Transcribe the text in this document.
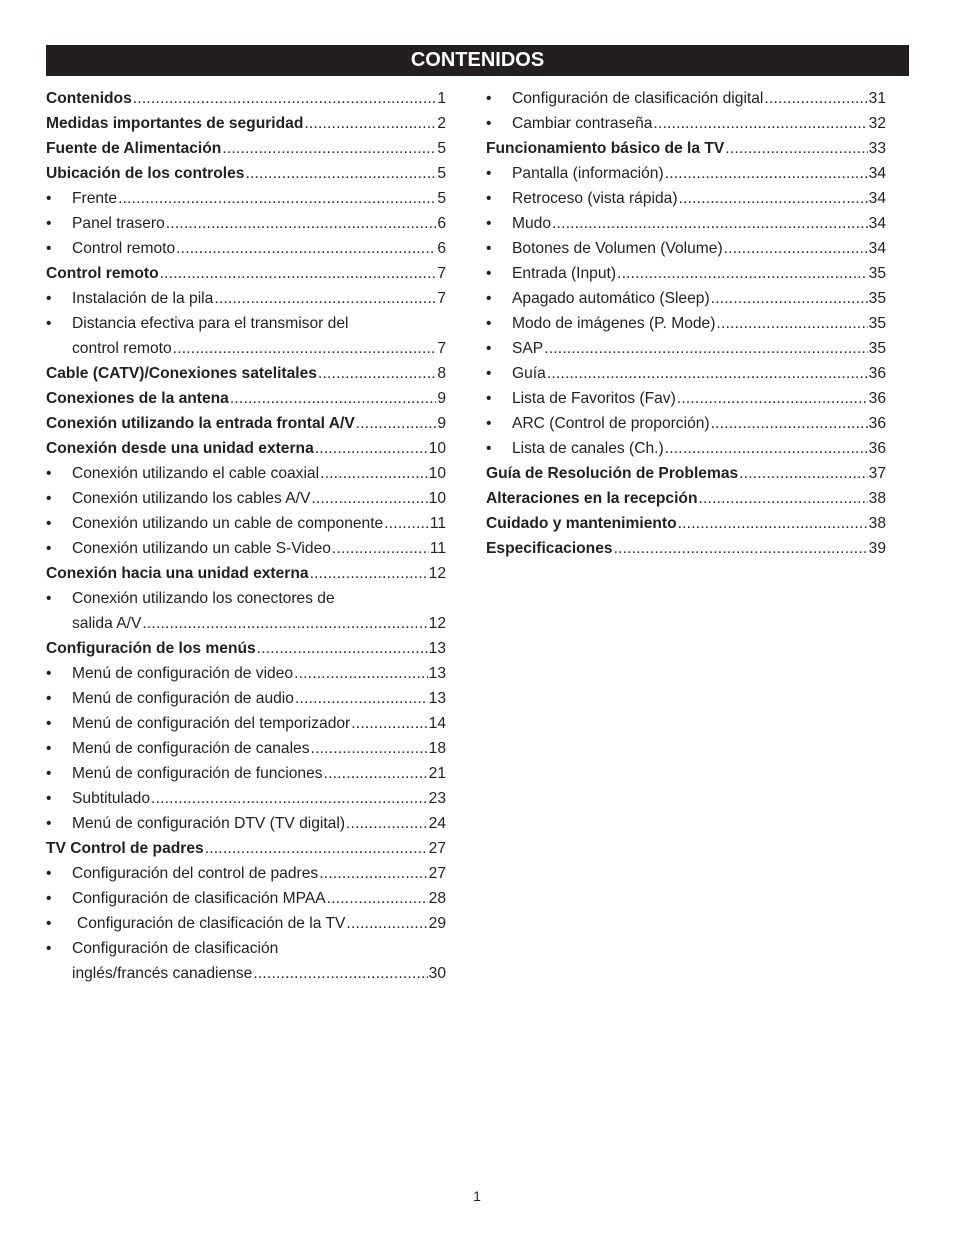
CONTENIDOS
Contenidos .....	1
Medidas importantes de seguridad .....	2
Fuente de Alimentación .....	5
Ubicación de los controles .....	5
•	Frente .....	5
•	Panel trasero .....	6
•	Control remoto .....	6
Control remoto .....	7
•	Instalación de la pila .....	7
•	Distancia efectiva para el transmisor del
control remoto .....	7
Cable (CATV)/Conexiones satelitales .....	8
Conexiones de la antena .....	9
Conexión utilizando la entrada frontal A/V .....	9
Conexión desde una unidad externa .....	10
•	Conexión utilizando el cable coaxial .....	10
•	Conexión utilizando los cables A/V .....	10
•	Conexión utilizando un cable de componente .....	11
•	Conexión utilizando un cable S-Video .....	11
Conexión hacia una unidad externa .....	12
•	Conexión utilizando los conectores de
salida A/V .....	12
Configuración de los menús .....	13
•	Menú de configuración de video .....	13
•	Menú de configuración de audio .....	13
•	Menú de configuración del temporizador .....	14
•	Menú de configuración de canales .....	18
•	Menú de configuración de funciones .....	21
•	Subtitulado .....	23
•	Menú de configuración DTV (TV digital) .....	24
TV Control de padres .....	27
•	Configuración del control de padres .....	27
•	Configuración de clasificación MPAA .....	28
•	Configuración de clasificación de la TV .....	29
•	Configuración de clasificación
inglés/francés canadiense .....	30
•	Configuración de clasificación digital .....	31
•	Cambiar contraseña .....	32
Funcionamiento básico de la TV .....	33
•	Pantalla (información) .....	34
•	Retroceso (vista rápida) .....	34
•	Mudo .....	34
•	Botones de Volumen (Volume) .....	34
•	Entrada (Input) .....	35
•	Apagado automático (Sleep) .....	35
•	Modo de imágenes (P. Mode) .....	35
•	SAP .....	35
•	Guía .....	36
•	Lista de Favoritos (Fav) .....	36
•	ARC (Control de proporción) .....	36
•	Lista de canales (Ch.) .....	36
Guía de Resolución de Problemas .....	37
Alteraciones en la recepción .....	38
Cuidado y mantenimiento .....	38
Especificaciones .....	39
1
